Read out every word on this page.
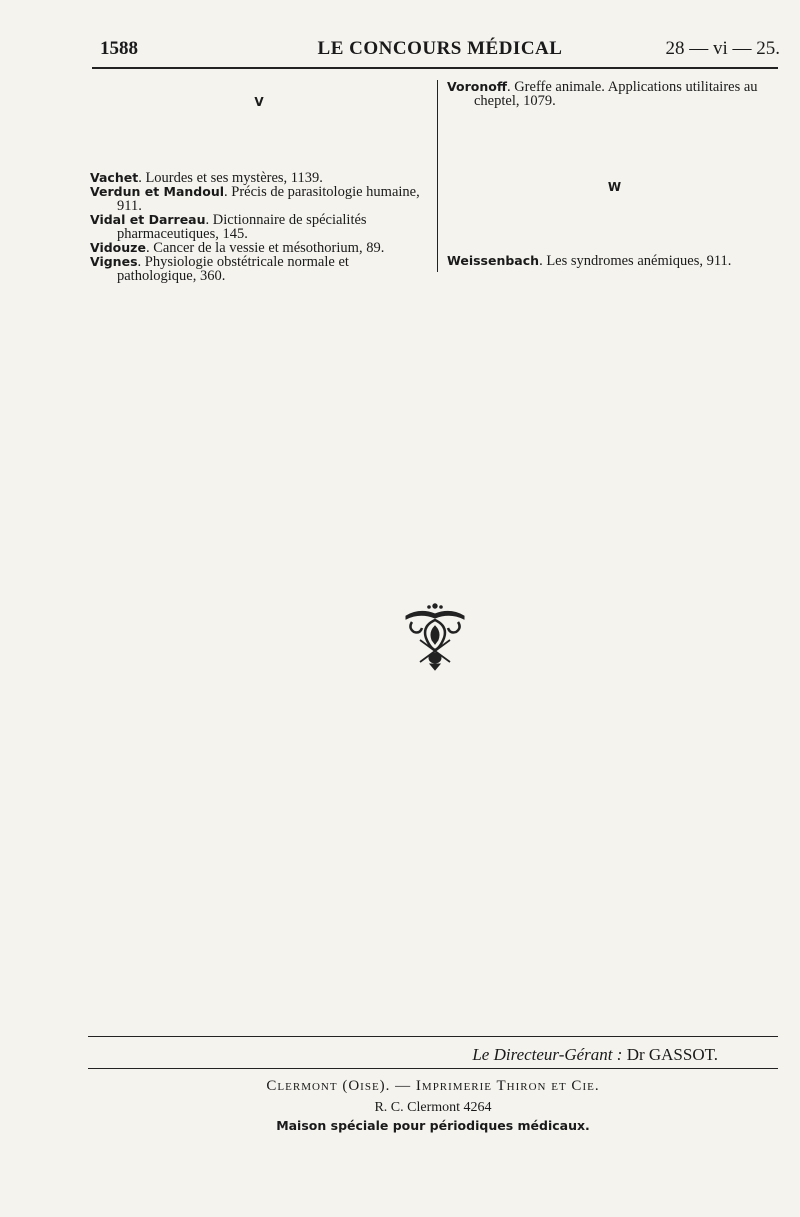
1588	LE CONCOURS MÉDICAL	28 — vi — 25.
V

Vachet. Lourdes et ses mystères, 1139.

Verdun et Mandoul. Précis de parasitologie humaine, 911.

Vidal et Darreau. Dictionnaire de spécialités pharmaceutiques, 145.

Vidouze. Cancer de la vessie et mésothorium, 89.

Vignes. Physiologie obstétricale normale et pathologique, 360.

Voronoff. Greffe animale. Applications utilitaires au cheptel, 1079.

W

Weissenbach. Les syndromes anémiques, 911.

Le Directeur-Gérant : Dr GASSOT.
Clermont (Oise). — Imprimerie Thiron et Cie.
R. C. Clermont 4264
Maison spéciale pour périodiques médicaux.
